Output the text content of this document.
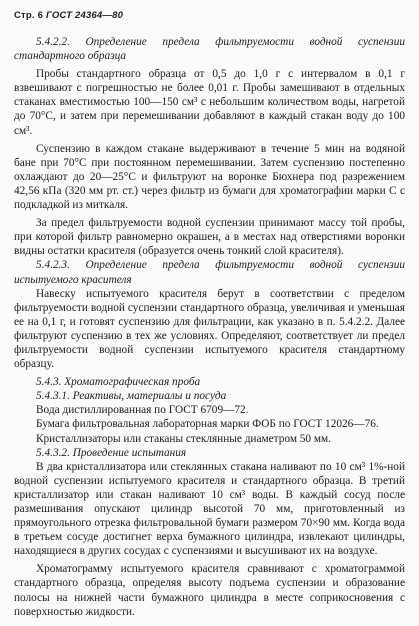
Стр. 6 ГОСТ 24364—80

5.4.2.2. Определение предела фильтруемости водной суспензии стандартного образца

Пробы стандартного образца от 0,5 до 1,0 г с интервалом в 0,1 г взвешивают с погрешностью не более 0,01 г. Пробы замешивают в отдельных стаканах вместимостью 100—150 см³ с небольшим количеством воды, нагретой до 70°С, и затем при перемешивании добавляют в каждый стакан воду до 100 см³.

Суспензию в каждом стакане выдерживают в течение 5 мин на водяной бане при 70°С при постоянном перемешивании. Затем суспензию постепенно охлаждают до 20—25°С и фильтруют на воронке Бюхнера под разрежением 42,56 кПа (320 мм рт. ст.) через фильтр из бумаги для хроматографии марки С с подкладкой из миткаля.

За предел фильтруемости водной суспензии принимают массу той пробы, при которой фильтр равномерно окрашен, а в местах над отверстиями воронки видны остатки красителя (образуется очень тонкий слой красителя).

5.4.2.3. Определение предела фильтруемости водной суспензии испытуемого красителя

Навеску испытуемого красителя берут в соответствии с пределом фильтруемости водной суспензии стандартного образца, увеличивая и уменьшая ее на 0,1 г, и готовят суспензию для фильтрации, как указано в п. 5.4.2.2. Далее фильтруют суспензию в тех же условиях. Определяют, соответствует ли предел фильтруемости водной суспензии испытуемого красителя стандартному образцу.

5.4.3. Хроматографическая проба

5.4.3.1. Реактивы, материалы и посуда

Вода дистиллированная по ГОСТ 6709—72.

Бумага фильтровальная лабораторная марки ФОБ по ГОСТ 12026—76.

Кристаллизаторы или стаканы стеклянные диаметром 50 мм.

5.4.3.2. Проведение испытания

В два кристаллизатора или стеклянных стакана наливают по 10 см³ 1%-ной водной суспензии испытуемого красителя и стандартного образца. В третий кристаллизатор или стакан наливают 10 см³ воды. В каждый сосуд после размешивания опускают цилиндр высотой 70 мм, приготовленный из прямоугольного отрезка фильтровальной бумаги размером 70×90 мм. Когда вода в третьем сосуде достигнет верха бумажного цилиндра, извлекают цилиндры, находящиеся в других сосудах с суспензиями и высушивают их на воздухе.

Хроматограмму испытуемого красителя сравнивают с хроматограммой стандартного образца, определяя высоту подъема суспензии и образование полосы на нижней части бумажного цилиндра в месте соприкосновения с поверхностью жидкости.
